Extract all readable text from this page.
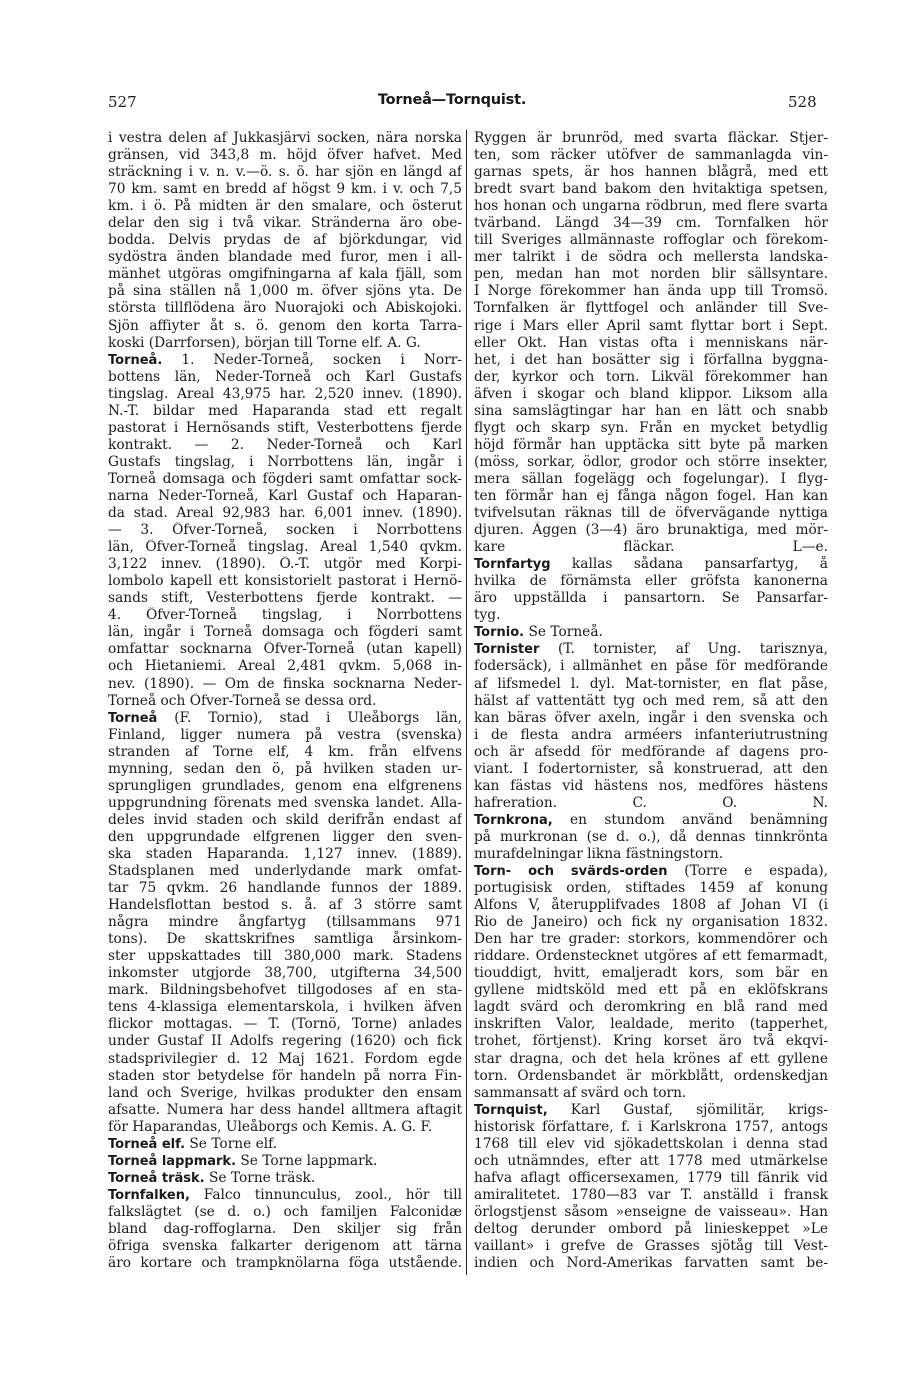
527	Torneå—Tornquist.	528
i vestra delen af Jukkasjärvi socken, nära norska
gränsen, vid 343,8 m. höjd öfver hafvet. Med
sträckning i v. n. v.—ö. s. ö. har sjön en längd af
70 km. samt en bredd af högst 9 km. i v. och 7,5
km. i ö. På midten är den smalare, och österut
delar den sig i två vikar. Stränderna äro obe-
bodda. Delvis prydas de af björkdungar, vid
sydöstra änden blandade med furor, men i all-
mänhet utgöras omgifningarna af kala fjäll, som
på sina ställen nå 1,000 m. öfver sjöns yta. De
största tillflödena äro Nuorajoki och Abiskojoki.
Sjön affiyter åt s. ö. genom den korta Tarra-
koski (Darrforsen), början till Torne elf. A. G.
Torneå. 1. Neder-Torneå, socken i Norr-
bottens län, Neder-Torneå och Karl Gustafs
tingslag. Areal 43,975 har. 2,520 innev. (1890).
N.-T. bildar med Haparanda stad ett regalt
pastorat i Hernösands stift, Vesterbottens fjerde
kontrakt. — 2. Neder-Torneå och Karl
Gustafs tingslag, i Norrbottens län, ingår i
Torneå domsaga och fögderi samt omfattar sock-
narna Neder-Torneå, Karl Gustaf och Haparan-
da stad. Areal 92,983 har. 6,001 innev. (1890).
— 3. Öfver-Torneå, socken i Norrbottens
län, Öfver-Torneå tingslag. Areal 1,540 qvkm.
3,122 innev. (1890). Ö.-T. utgör med Korpi-
lombolo kapell ett konsistorielt pastorat i Hernö-
sands stift, Vesterbottens fjerde kontrakt. —
4. Öfver-Torneå tingslag, i Norrbottens
län, ingår i Torneå domsaga och fögderi samt
omfattar socknarna Öfver-Torneå (utan kapell)
och Hietaniemi. Areal 2,481 qvkm. 5,068 in-
nev. (1890). — Om de finska socknarna Neder-
Torneå och Öfver-Torneå se dessa ord.
Torneå (F. Tornio), stad i Uleåborgs län,
Finland, ligger numera på vestra (svenska)
stranden af Torne elf, 4 km. från elfvens
mynning, sedan den ö, på hvilken staden ur-
sprungligen grundlades, genom ena elfgrenens
uppgrundning förenats med svenska landet. Alla-
deles invid staden och skild derifrån endast af
den uppgrundade elfgrenen ligger den sven-
ska staden Haparanda. 1,127 innev. (1889).
Stadsplanen med underlydande mark omfat-
tar 75 qvkm. 26 handlande funnos der 1889.
Handelsflottan bestod s. å. af 3 större samt
några mindre ångfartyg (tillsammans 971
tons). De skattskrifnes samtliga årsinkom-
ster uppskattades till 380,000 mark. Stadens
inkomster utgjorde 38,700, utgifterna 34,500
mark. Bildningsbehofvet tillgodoses af en sta-
tens 4-klassiga elementarskola, i hvilken äfven
flickor mottagas. — T. (Tornö, Torne) anlades
under Gustaf II Adolfs regering (1620) och fick
stadsprivilegier d. 12 Maj 1621. Fordom egde
staden stor betydelse för handeln på norra Fin-
land och Sverige, hvilkas produkter den ensam
afsatte. Numera har dess handel alltmera aftagit
för Haparandas, Uleåborgs och Kemis. A. G. F.
Torneå elf. Se Torne elf.
Torneå lappmark. Se Torne lappmark.
Torneå träsk. Se Torne träsk.
Tornfalken, Falco tinnunculus, zool., hör till
falkslägtet (se d. o.) och familjen Falconidæ
bland dag-roffoglarna. Den skiljer sig från
öfriga svenska falkarter derigenom att tärna
äro kortare och trampknölarna föga utstående.
Ryggen är brunröd, med svarta fläckar. Stjer-
ten, som räcker utöfver de sammanlagda vin-
garnas spets, är hos hannen blågrå, med ett
bredt svart band bakom den hvitaktiga spetsen,
hos honan och ungarna rödbrun, med flere svarta
tvärband. Längd 34—39 cm. Tornfalken hör
till Sveriges allmännaste roffoglar och förekom-
mer talrikt i de södra och mellersta landska-
pen, medan han mot norden blir sällsyntare.
I Norge förekommer han ända upp till Tromsö.
Tornfalken är flyttfogel och anländer till Sve-
rige i Mars eller April samt flyttar bort i Sept.
eller Okt. Han vistas ofta i menniskans när-
het, i det han bosätter sig i förfallna byggna-
der, kyrkor och torn. Likväl förekommer han
äfven i skogar och bland klippor. Liksom alla
sina samslägtingar har han en lätt och snabb
flygt och skarp syn. Från en mycket betydlig
höjd förmår han upptäcka sitt byte på marken
(möss, sorkar, ödlor, grodor och större insekter,
mera sällan fogelägg och fogelungar). I flyg-
ten förmår han ej fånga någon fogel. Han kan
tvifvelsutan räknas till de öfvervägande nyttiga
djuren. Äggen (3—4) äro brunaktiga, med mör-
kare fläckar. L—e.
Tornfartyg kallas sådana pansarfartyg, å
hvilka de förnämsta eller gröfsta kanonerna
äro uppställda i pansartorn. Se Pansarfar-
tyg.
Tornio. Se Torneå.
Tornister (T. tornister, af Ung. tarisznya,
fodersäck), i allmänhet en påse för medförande
af lifsmedel l. dyl. Mat-tornister, en flat påse,
hälst af vattentätt tyg och med rem, så att den
kan bäras öfver axeln, ingår i den svenska och
i de flesta andra arméers infanteriutrustning
och är afsedd för medförande af dagens pro-
viant. I fodertornister, så konstruerad, att den
kan fästas vid hästens nos, medföres hästens
hafreration. C. O. N.
Tornkrona, en stundom använd benämning
på murkronan (se d. o.), då dennas tinnkrönta
murafdelningar likna fästningstorn.
Torn- och svärds-orden (Torre e espada),
portugisisk orden, stiftades 1459 af konung
Alfons V, återupplifvades 1808 af Johan VI (i
Rio de Janeiro) och fick ny organisation 1832.
Den har tre grader: storkors, kommendörer och
riddare. Ordenstecknet utgöres af ett femarmadt,
tiouddigt, hvitt, emaljeradt kors, som bär en
gyllene midtsköld med ett på en eklöfskrans
lagdt svärd och deromkring en blå rand med
inskriften Valor, lealdade, merito (tapperhet,
trohet, förtjenst). Kring korset äro två ekqvi-
star dragna, och det hela krönes af ett gyllene
torn. Ordensbandet är mörkblått, ordenskedjan
sammansatt af svärd och torn.
Tornquist, Karl Gustaf, sjömilitär, krigs-
historisk författare, f. i Karlskrona 1757, antogs
1768 till elev vid sjökadettskolan i denna stad
och utnämndes, efter att 1778 med utmärkelse
hafva aflagt officersexamen, 1779 till fänrik vid
amiralitetet. 1780—83 var T. anställd i fransk
örlogstjenst såsom »enseigne de vaisseau». Han
deltog derunder ombord på linieskeppet »Le
vaillant» i grefve de Grasses sjötåg till Vest-
indien och Nord-Amerikas farvatten samt be-
